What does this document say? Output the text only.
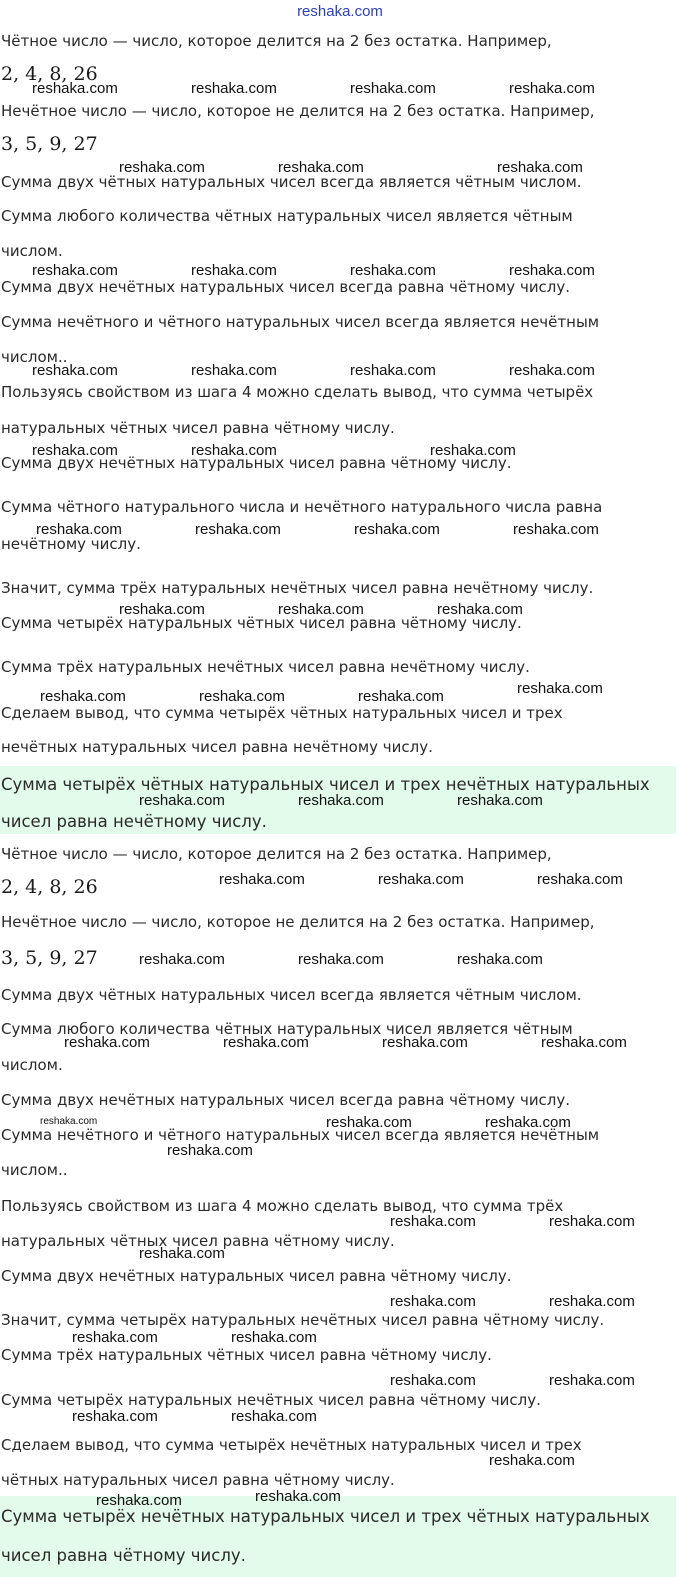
reshaka.com
Чётное число — число, которое делится на 2 без остатка. Например,
2, 4, 8, 26
Нечётное число — число, которое не делится на 2 без остатка. Например,
3, 5, 9, 27
Сумма двух чётных натуральных чисел всегда является чётным числом.
Сумма любого количества чётных натуральных чисел является чётным
числом.
Сумма двух нечётных натуральных чисел всегда равна чётному числу.
Сумма нечётного и чётного натуральных чисел всегда является нечётным
числом..
Пользуясь свойством из шага 4 можно сделать вывод, что сумма четырёх
натуральных чётных чисел равна чётному числу.
Сумма двух нечётных натуральных чисел равна чётному числу.
Сумма чётного натурального числа и нечётного натурального числа равна
нечётному числу.
Значит, сумма трёх натуральных нечётных чисел равна нечётному числу.
Сумма четырёх натуральных чётных чисел равна чётному числу.
Сумма трёх натуральных нечётных чисел равна нечётному числу.
Сделаем вывод, что сумма четырёх чётных натуральных чисел и трех
нечётных натуральных чисел равна нечётному числу.
Сумма четырёх чётных натуральных чисел и трех нечётных натуральных
чисел равна нечётному числу.
Чётное число — число, которое делится на 2 без остатка. Например,
2, 4, 8, 26
Нечётное число — число, которое не делится на 2 без остатка. Например,
3, 5, 9, 27
Сумма двух чётных натуральных чисел всегда является чётным числом.
Сумма любого количества чётных натуральных чисел является чётным
числом.
Сумма двух нечётных натуральных чисел всегда равна чётному числу.
Сумма нечётного и чётного натуральных чисел всегда является нечётным
числом..
Пользуясь свойством из шага 4 можно сделать вывод, что сумма трёх
натуральных чётных чисел равна чётному числу.
Сумма двух нечётных натуральных чисел равна чётному числу.
Значит, сумма четырёх натуральных нечётных чисел равна чётному числу.
Сумма трёх натуральных чётных чисел равна чётному числу.
Сумма четырёх натуральных нечётных чисел равна чётному числу.
Сделаем вывод, что сумма четырёх нечётных натуральных чисел и трех
чётных натуральных чисел равна чётному числу.
Сумма четырёх нечётных натуральных чисел и трех чётных натуральных
чисел равна чётному числу.
reshaka.com	reshaka.com	reshaka.com	reshaka.com
reshaka.com	reshaka.com	reshaka.com
reshaka.com	reshaka.com	reshaka.com	reshaka.com
reshaka.com	reshaka.com	reshaka.com	reshaka.com
reshaka.com	reshaka.com	reshaka.com
reshaka.com	reshaka.com	reshaka.com	reshaka.com
reshaka.com	reshaka.com	reshaka.com
reshaka.com	reshaka.com	reshaka.com	reshaka.com
reshaka.com	reshaka.com	reshaka.com
reshaka.com	reshaka.com	reshaka.com
reshaka.com	reshaka.com	reshaka.com
reshaka.com	reshaka.com	reshaka.com	reshaka.com
reshaka.com	reshaka.com	reshaka.com
reshaka.com
reshaka.com	reshaka.com
reshaka.com
reshaka.com	reshaka.com
reshaka.com	reshaka.com
reshaka.com	reshaka.com
reshaka.com	reshaka.com
reshaka.com
reshaka.com	reshaka.com
